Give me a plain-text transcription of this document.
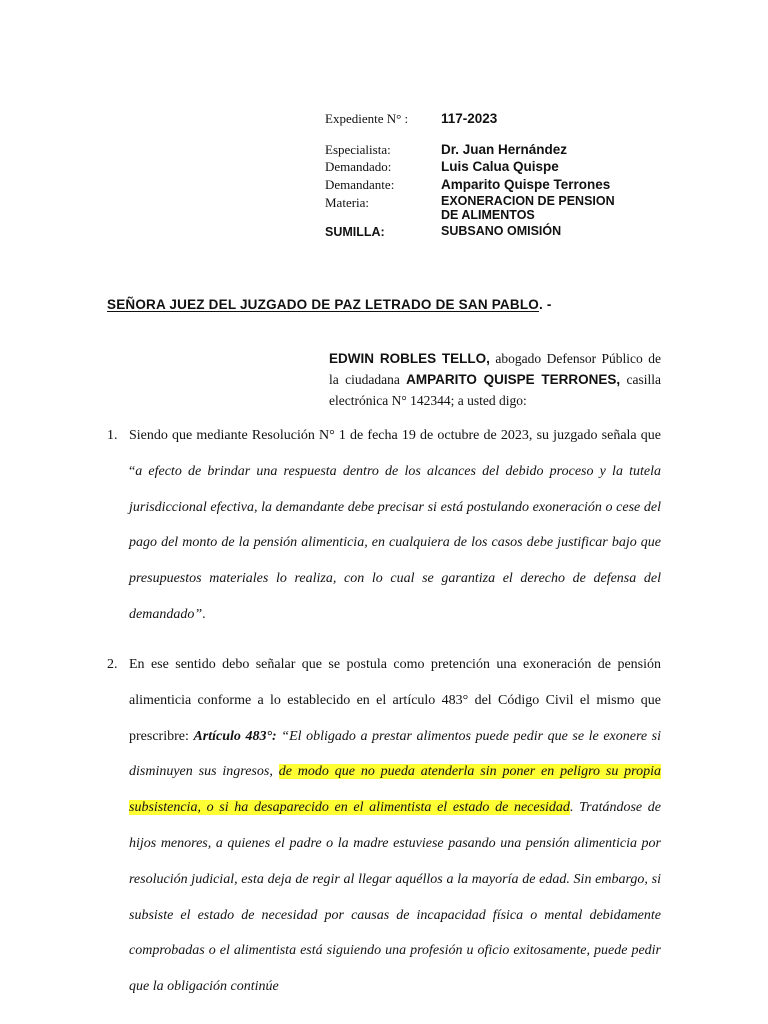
Expediente N° : 117-2023
Especialista:	Dr. Juan Hernández
Demandado:	Luis Calua Quispe
Demandante:	Amparito Quispe Terrones
Materia:	EXONERACION DE PENSION DE ALIMENTOS
SUMILLA:	SUBSANO OMISIÓN
SEÑORA JUEZ DEL JUZGADO DE PAZ LETRADO DE SAN PABLO. -
EDWIN ROBLES TELLO, abogado Defensor Público de la ciudadana AMPARITO QUISPE TERRONES, casilla electrónica N° 142344; a usted digo:
1. Siendo que mediante Resolución N° 1 de fecha 19 de octubre de 2023, su juzgado señala que “a efecto de brindar una respuesta dentro de los alcances del debido proceso y la tutela jurisdiccional efectiva, la demandante debe precisar si está postulando exoneración o cese del pago del monto de la pensión alimenticia, en cualquiera de los casos debe justificar bajo que presupuestos materiales lo realiza, con lo cual se garantiza el derecho de defensa del demandado”.
2. En ese sentido debo señalar que se postula como pretención una exoneración de pensión alimenticia conforme a lo establecido en el artículo 483° del Código Civil el mismo que prescribre: Artículo 483°: “El obligado a prestar alimentos puede pedir que se le exonere si disminuyen sus ingresos, de modo que no pueda atenderla sin poner en peligro su propia subsistencia, o si ha desaparecido en el alimentista el estado de necesidad. Tratándose de hijos menores, a quienes el padre o la madre estuviese pasando una pensión alimenticia por resolución judicial, esta deja de regir al llegar aquéllos a la mayoría de edad. Sin embargo, si subsiste el estado de necesidad por causas de incapacidad física o mental debidamente comprobadas o el alimentista está siguiendo una profesión u oficio exitosamente, puede pedir que la obligación continúe
